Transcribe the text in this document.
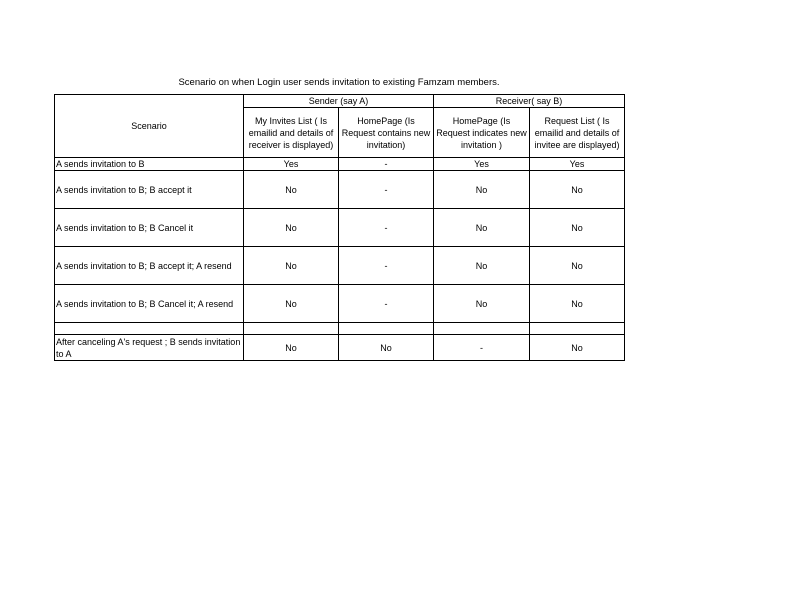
Scenario on when Login user sends invitation to existing Famzam members.
Scenario	Sender (say A)		Receiver( say B)	
	My Invites List ( Is emailid and details of receiver is displayed)	HomePage (Is Request contains new invitation)	HomePage (Is Request indicates new invitation )	Request List ( Is emailid and details of invitee are displayed)
A sends invitation to B	Yes	-	Yes	Yes
A sends invitation to B; B accept it	No	-	No	No
A sends invitation to B; B Cancel it	No	-	No	No
A sends invitation to B; B accept it; A resend	No	-	No	No
A sends invitation to B; B Cancel it; A resend	No	-	No	No

After canceling A's request ; B sends invitation to A	No	No	-	No
